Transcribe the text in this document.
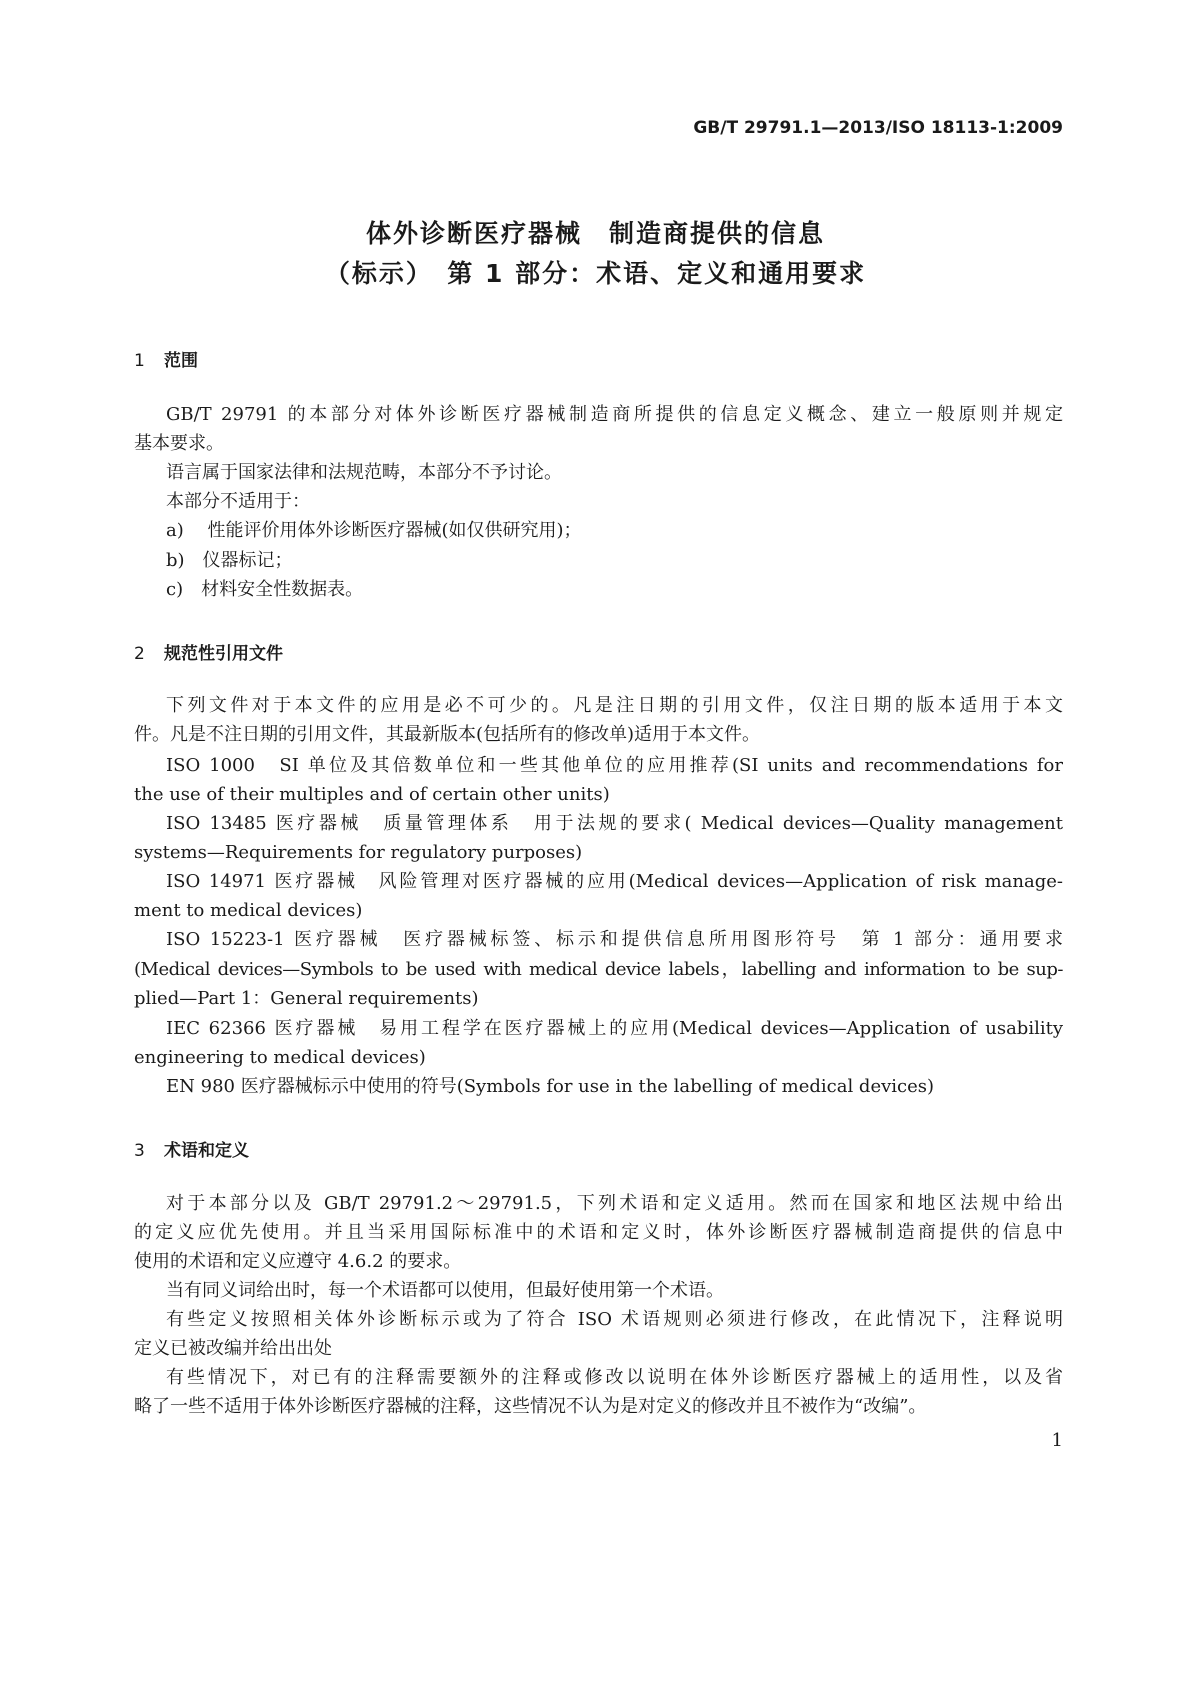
GB/T 29791.1—2013/ISO 18113-1:2009
体外诊断医疗器械　制造商提供的信息
（标示）　第 1 部分：术语、定义和通用要求
1 范围
GB/T 29791 的本部分对体外诊断医疗器械制造商所提供的信息定义概念、建立一般原则并规定
基本要求。
语言属于国家法律和法规范畴，本部分不予讨论。
本部分不适用于：
a)　 性能评价用体外诊断医疗器械(如仅供研究用)；
b)　仪器标记；
c)　材料安全性数据表。
2 规范性引用文件
下列文件对于本文件的应用是必不可少的。凡是注日期的引用文件，仅注日期的版本适用于本文
件。凡是不注日期的引用文件，其最新版本(包括所有的修改单)适用于本文件。
ISO 1000　SI 单位及其倍数单位和一些其他单位的应用推荐(SI units and recommendations for
the use of their multiples and of certain other units)
ISO 13485 医疗器械　质量管理体系　用于法规的要求( Medical devices—Quality management
systems—Requirements for regulatory purposes)
ISO 14971 医疗器械　风险管理对医疗器械的应用(Medical devices—Application of risk manage-
ment to medical devices)
ISO 15223-1 医疗器械　医疗器械标签、标示和提供信息所用图形符号　第 1 部分：通用要求
(Medical devices—Symbols to be used with medical device labels，labelling and information to be sup-
plied—Part 1：General requirements)
IEC 62366 医疗器械　易用工程学在医疗器械上的应用(Medical devices—Application of usability
engineering to medical devices)
EN 980 医疗器械标示中使用的符号(Symbols for use in the labelling of medical devices)
3 术语和定义
对于本部分以及 GB/T 29791.2～29791.5，下列术语和定义适用。然而在国家和地区法规中给出
的定义应优先使用。并且当采用国际标准中的术语和定义时，体外诊断医疗器械制造商提供的信息中
使用的术语和定义应遵守 4.6.2 的要求。
当有同义词给出时，每一个术语都可以使用，但最好使用第一个术语。
有些定义按照相关体外诊断标示或为了符合 ISO 术语规则必须进行修改，在此情况下，注释说明
定义已被改编并给出出处
有些情况下，对已有的注释需要额外的注释或修改以说明在体外诊断医疗器械上的适用性，以及省
略了一些不适用于体外诊断医疗器械的注释，这些情况不认为是对定义的修改并且不被作为“改编”。
1
